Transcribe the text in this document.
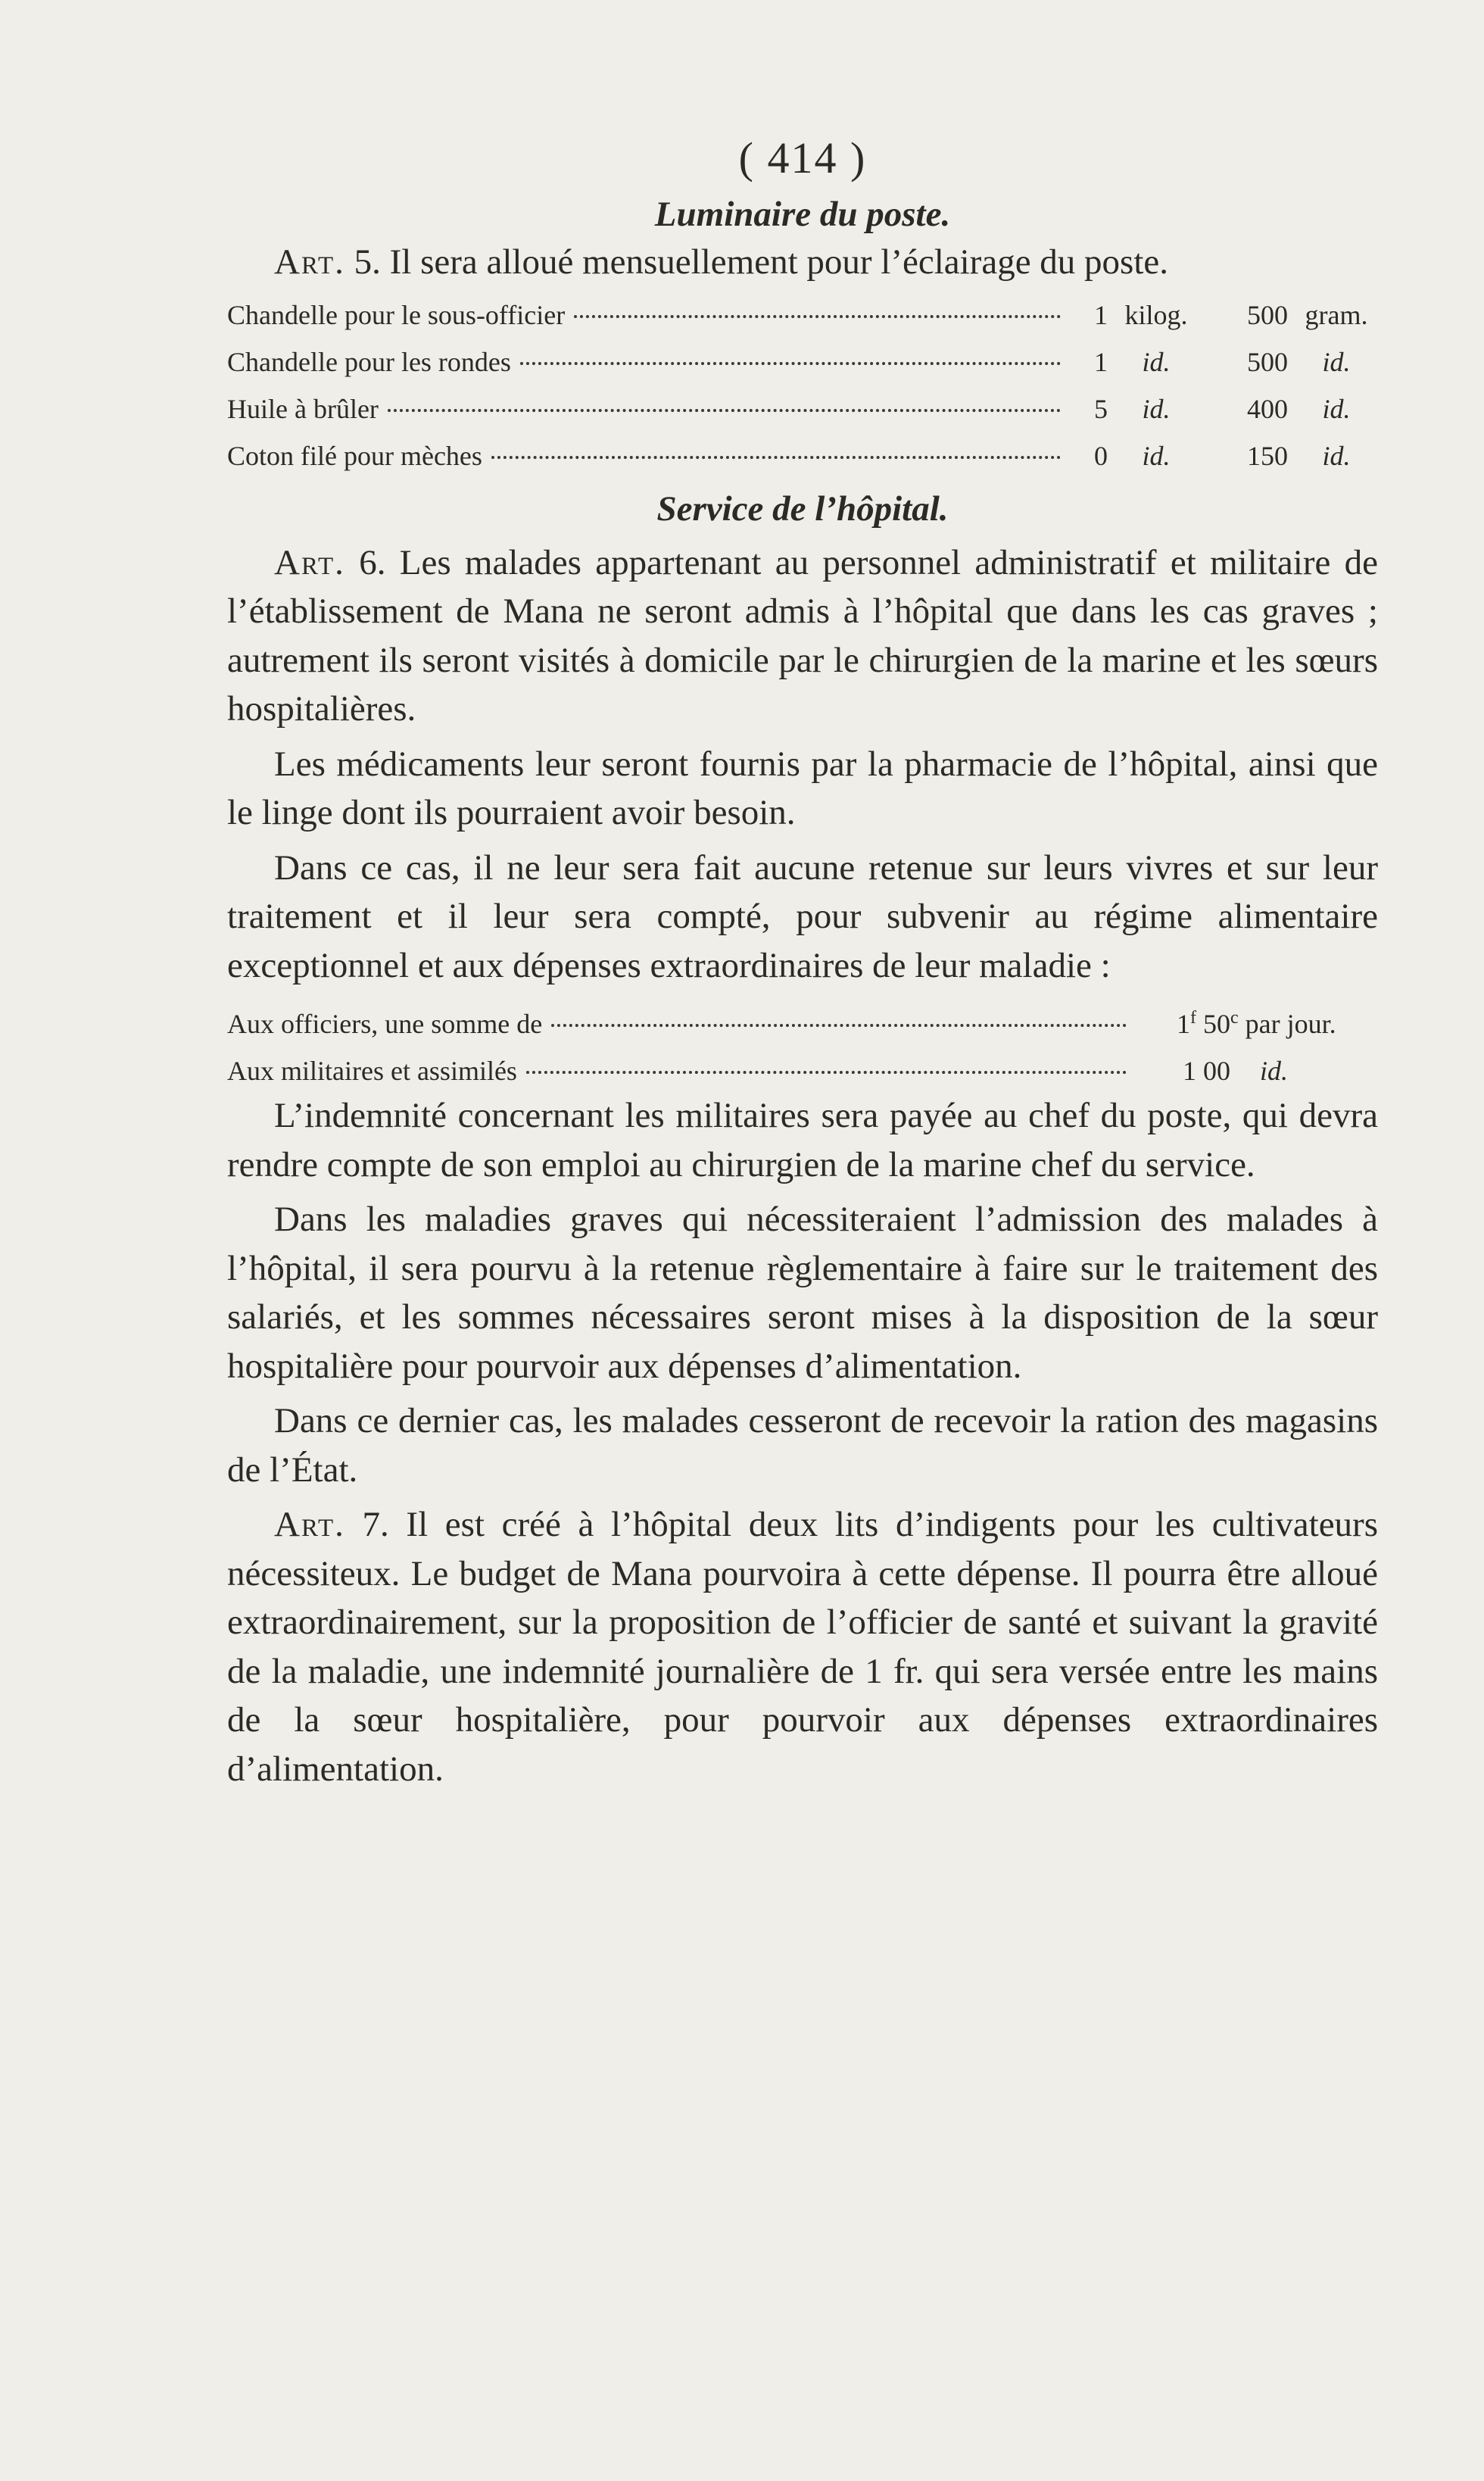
( 414 )
Luminaire du poste.

Art. 5. Il sera alloué mensuellement pour l’éclairage du poste.

Chandelle pour le sous-officier	1 kilog. 500 gram.
Chandelle pour les rondes	1 id.	500 id.
Huile à brûler	5 id.	400 id.
Coton filé pour mèches	0 id.	150 id.
Service de l’hôpital.

Art. 6. Les malades appartenant au personnel administratif et militaire de l’établissement de Mana ne seront admis à l’hôpital que dans les cas graves ; autrement ils seront visités à domicile par le chirurgien de la marine et les sœurs hospitalières.

Les médicaments leur seront fournis par la pharmacie de l’hôpital, ainsi que le linge dont ils pourraient avoir besoin.

Dans ce cas, il ne leur sera fait aucune retenue sur leurs vivres et sur leur traitement et il leur sera compté, pour subvenir au régime alimentaire exceptionnel et aux dépenses extraordinaires de leur maladie :

Aux officiers, une somme de	1$^f$ 50$^c$ par jour.
Aux militaires et assimilés	1 00 id.

L’indemnité concernant les militaires sera payée au chef du poste, qui devra rendre compte de son emploi au chirurgien de la marine chef du service.

Dans les maladies graves qui nécessiteraient l’admission des malades à l’hôpital, il sera pourvu à la retenue règlementaire à faire sur le traitement des salariés, et les sommes nécessaires seront mises à la disposition de la sœur hospitalière pour pourvoir aux dépenses d’alimentation.

Dans ce dernier cas, les malades cesseront de recevoir la ration des magasins de l’État.

Art. 7. Il est créé à l’hôpital deux lits d’indigents pour les cultivateurs nécessiteux. Le budget de Mana pourvoira à cette dépense. Il pourra être alloué extraordinairement, sur la proposition de l’officier de santé et suivant la gravité de la maladie, une indemnité journalière de 1 fr. qui sera versée entre les mains de la sœur hospitalière, pour pourvoir aux dépenses extraordinaires d’alimentation.
